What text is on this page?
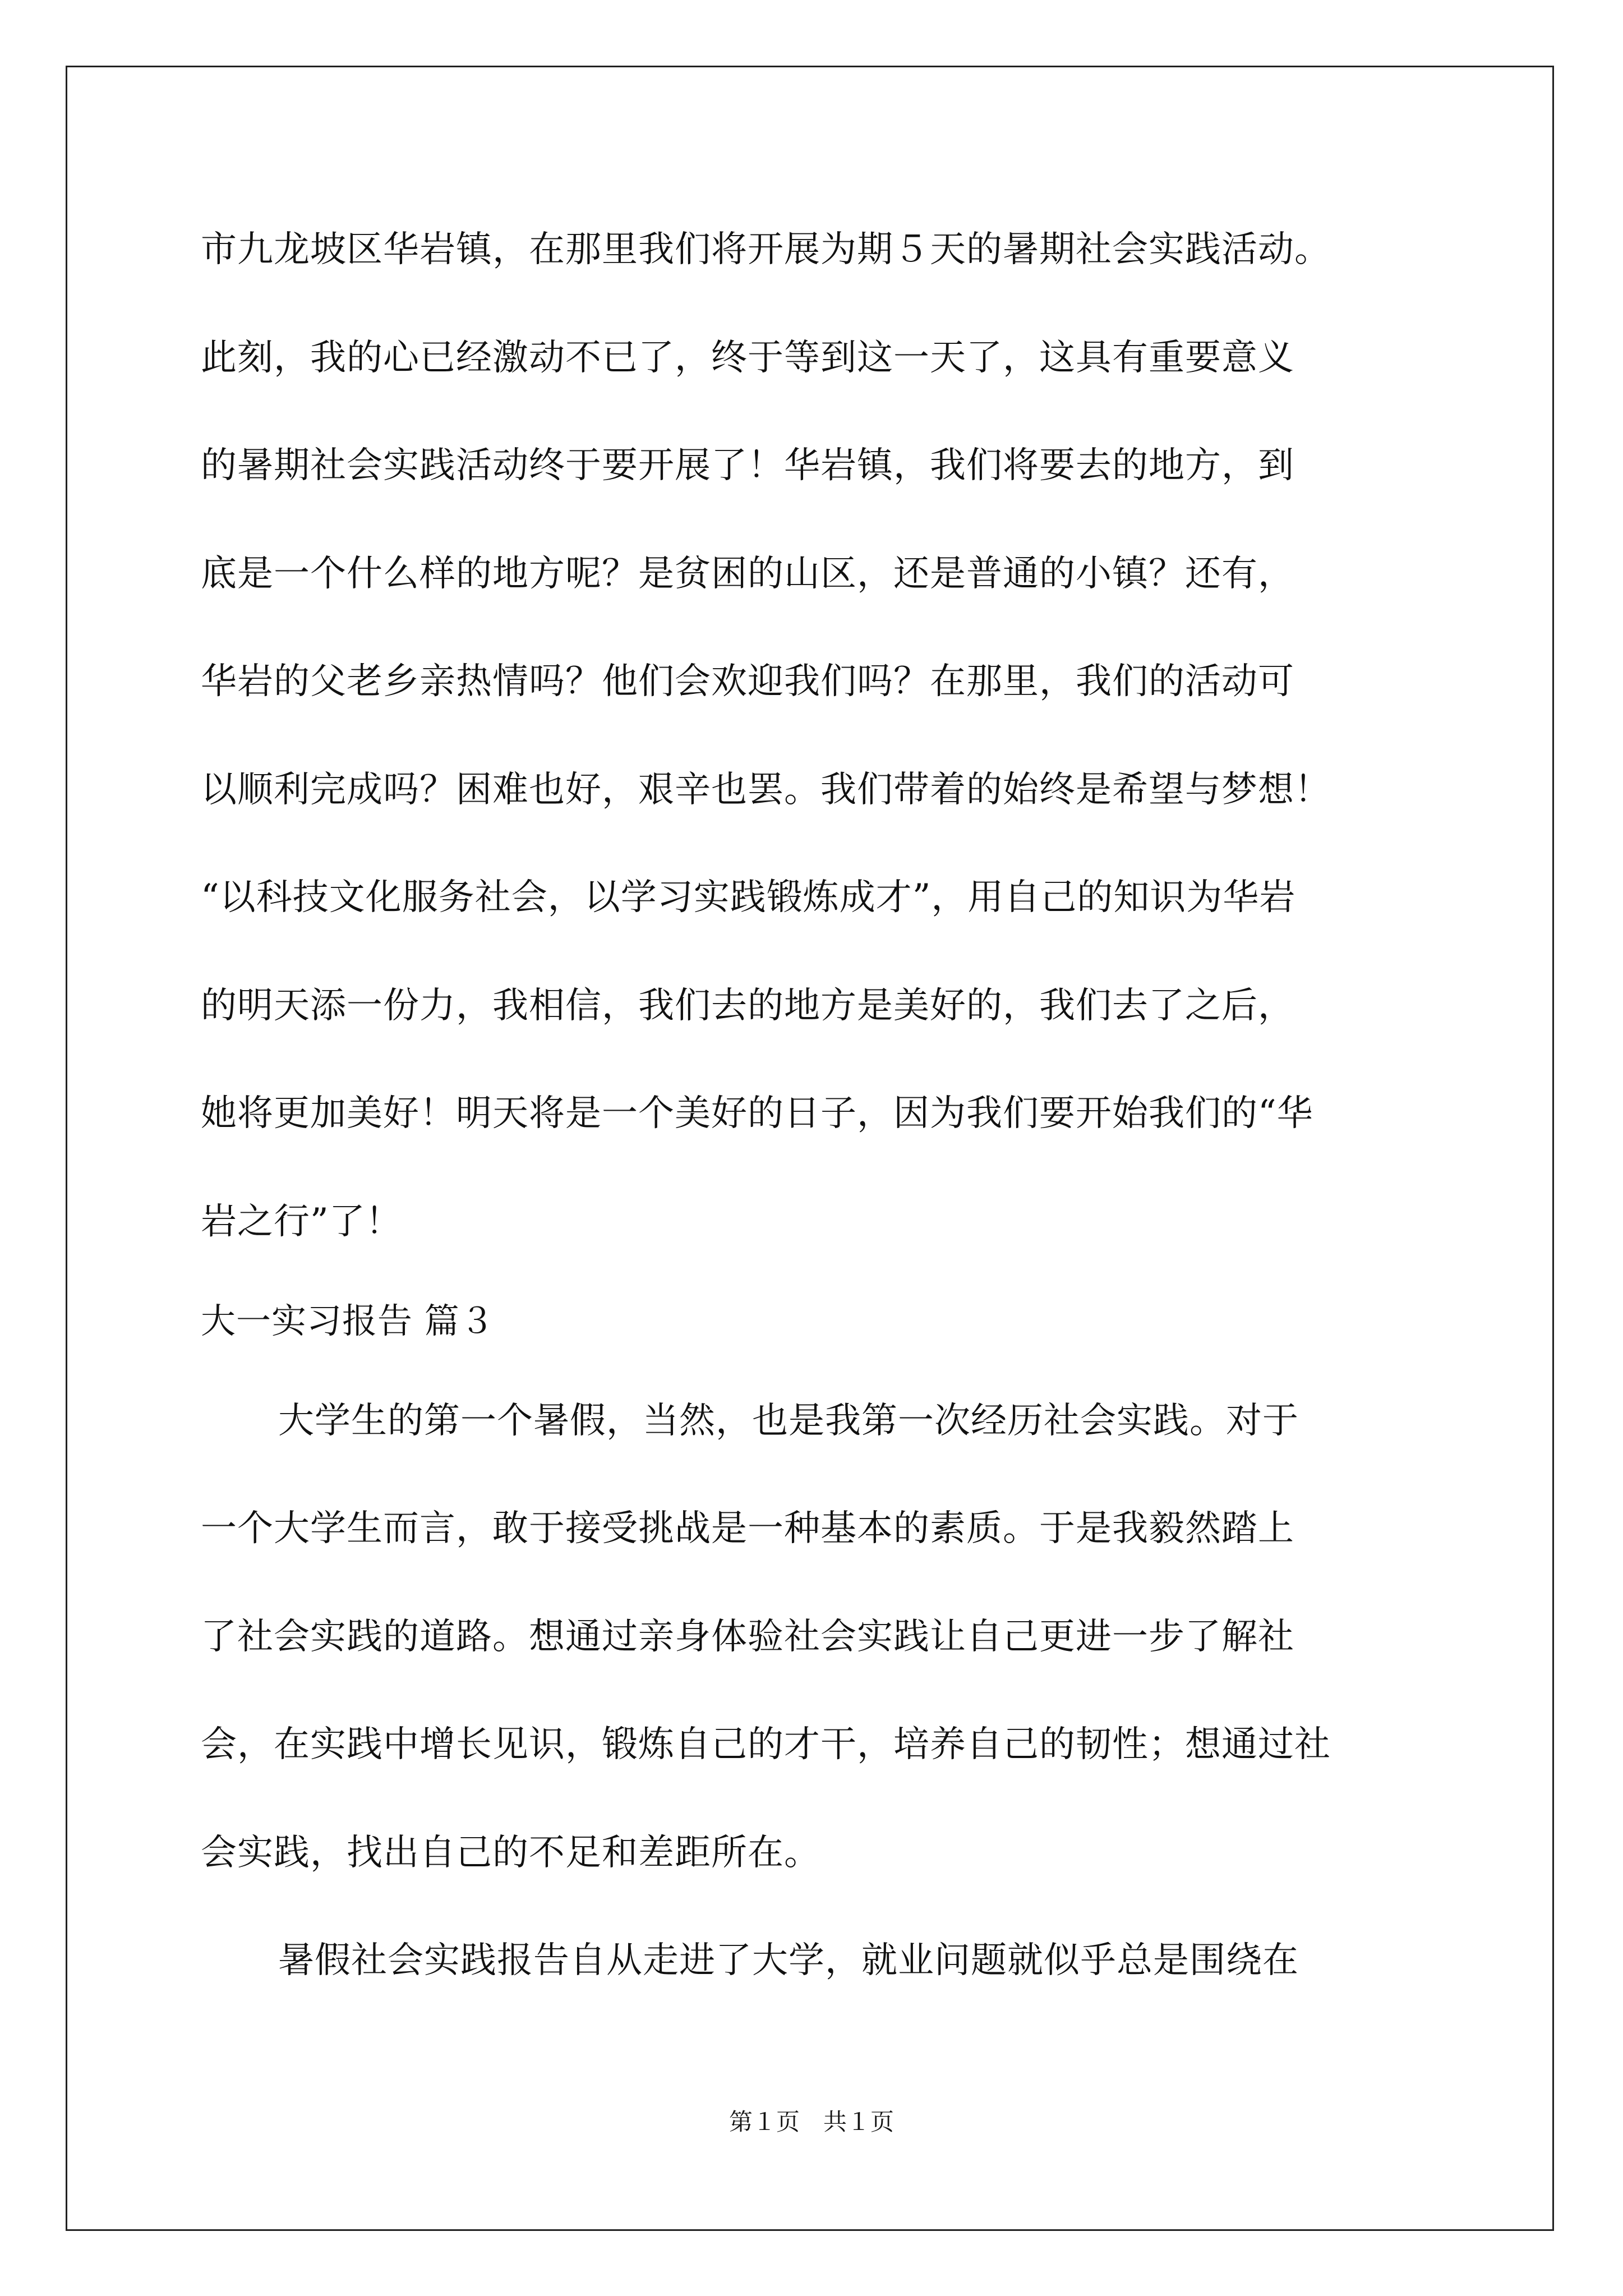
市九龙坡区华岩镇，在那里我们将开展为期５天的暑期社会实践活动。
此刻，我的心已经激动不已了，终于等到这一天了，这具有重要意义
的暑期社会实践活动终于要开展了！华岩镇，我们将要去的地方，到
底是一个什么样的地方呢？是贫困的山区，还是普通的小镇？还有，
华岩的父老乡亲热情吗？他们会欢迎我们吗？在那里，我们的活动可
以顺利完成吗？困难也好，艰辛也罢。我们带着的始终是希望与梦想！
“以科技文化服务社会，以学习实践锻炼成才”，用自己的知识为华岩
的明天添一份力，我相信，我们去的地方是美好的，我们去了之后，
她将更加美好！明天将是一个美好的日子，因为我们要开始我们的“华
岩之行”了！
大一实习报告 篇３
大学生的第一个暑假，当然，也是我第一次经历社会实践。对于
一个大学生而言，敢于接受挑战是一种基本的素质。于是我毅然踏上
了社会实践的道路。想通过亲身体验社会实践让自己更进一步了解社
会，在实践中增长见识，锻炼自己的才干，培养自己的韧性；想通过社
会实践，找出自己的不足和差距所在。
暑假社会实践报告自从走进了大学，就业问题就似乎总是围绕在
第１页　共１页
